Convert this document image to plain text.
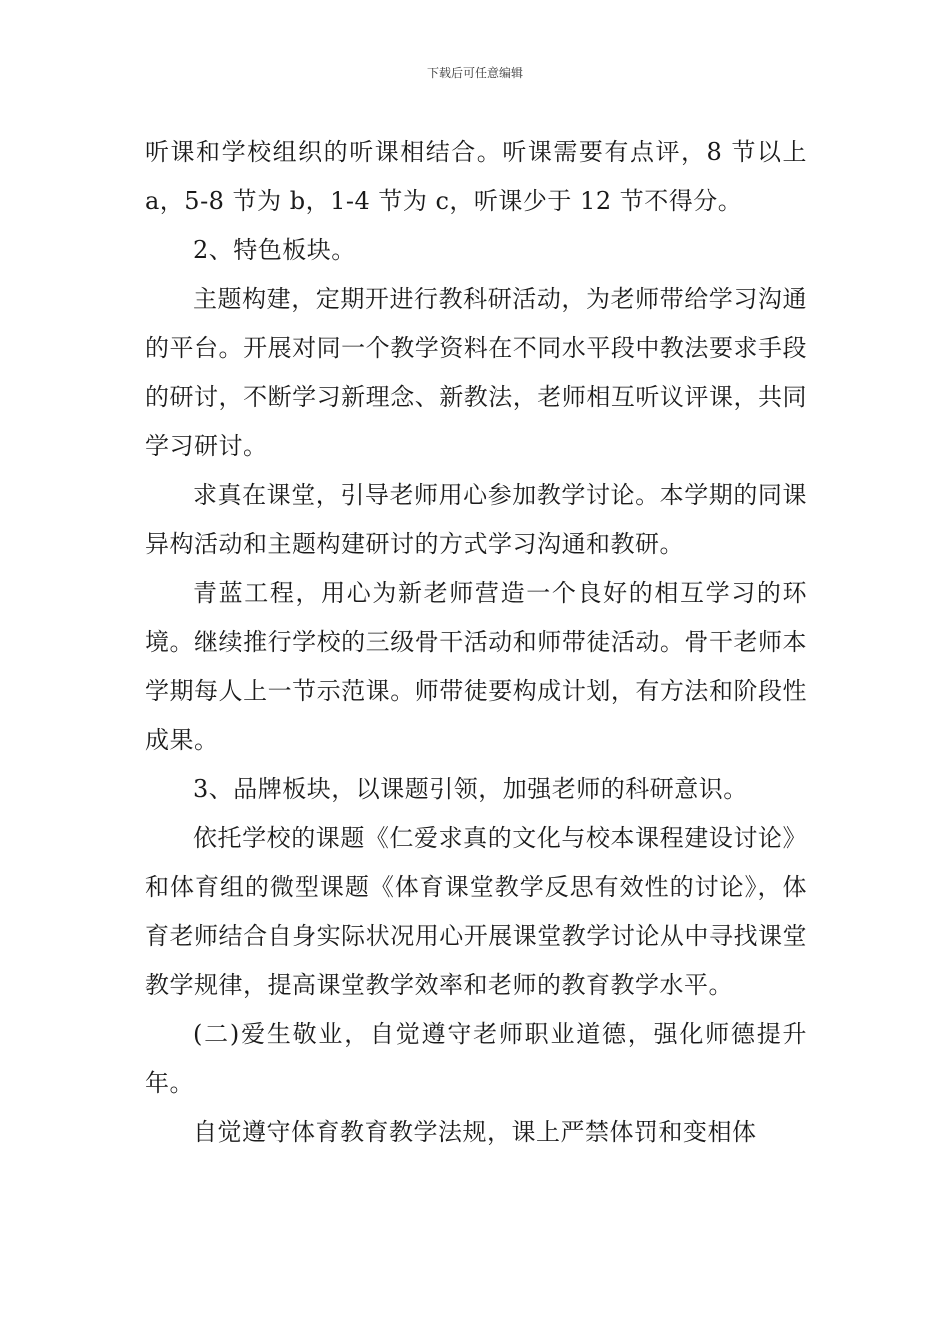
下载后可任意编辑

听课和学校组织的听课相结合。听课需要有点评，8 节以上a，5-8 节为 b，1-4 节为 c，听课少于 12 节不得分。

2、特色板块。

主题构建，定期开进行教科研活动，为老师带给学习沟通的平台。开展对同一个教学资料在不同水平段中教法要求手段的研讨，不断学习新理念、新教法，老师相互听议评课，共同学习研讨。

求真在课堂，引导老师用心参加教学讨论。本学期的同课异构活动和主题构建研讨的方式学习沟通和教研。

青蓝工程，用心为新老师营造一个良好的相互学习的环境。继续推行学校的三级骨干活动和师带徒活动。骨干老师本学期每人上一节示范课。师带徒要构成计划，有方法和阶段性成果。

3、品牌板块，以课题引领，加强老师的科研意识。

依托学校的课题《仁爱求真的文化与校本课程建设讨论》和体育组的微型课题《体育课堂教学反思有效性的讨论》，体育老师结合自身实际状况用心开展课堂教学讨论从中寻找课堂教学规律，提高课堂教学效率和老师的教育教学水平。

(二)爱生敬业，自觉遵守老师职业道德，强化师德提升年。

自觉遵守体育教育教学法规，课上严禁体罚和变相体
